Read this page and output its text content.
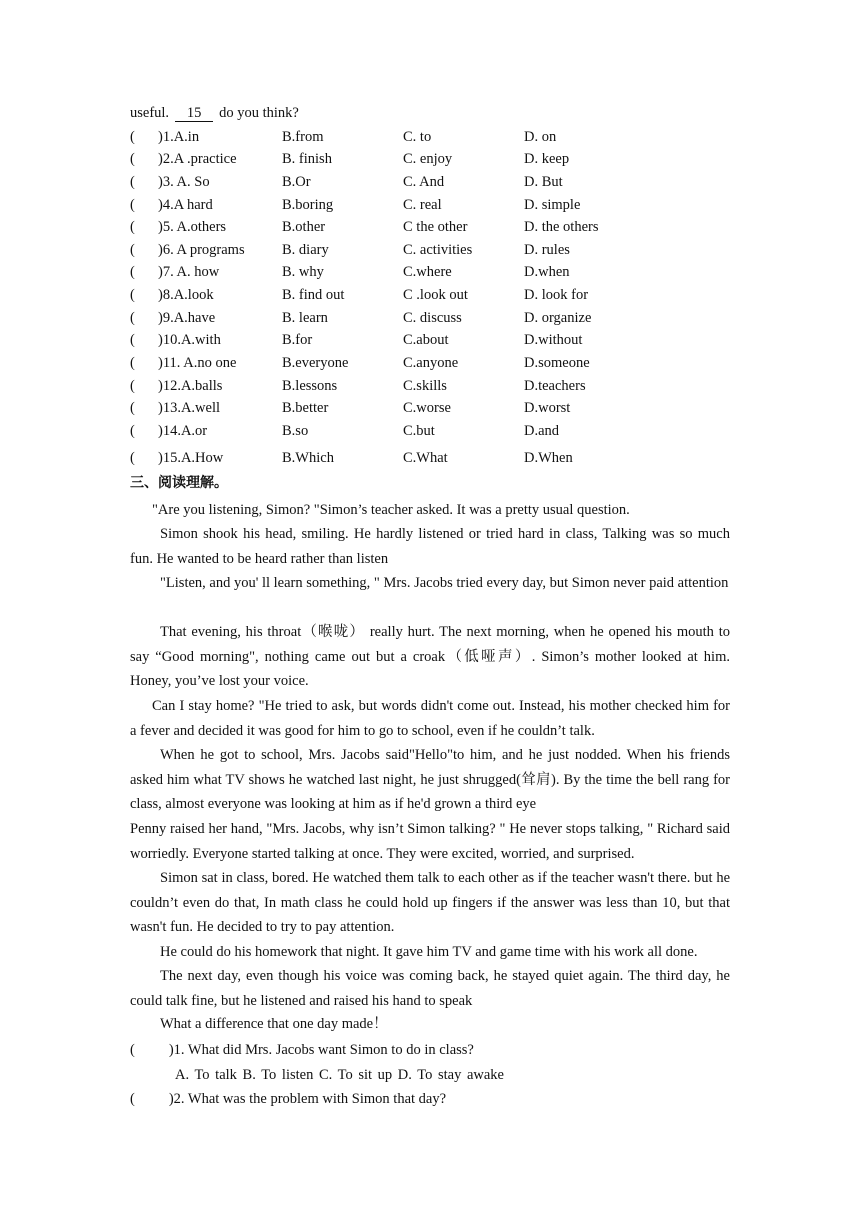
useful. 15 do you think?
( )1.A.in	B.from	C. to	D. on
( )2.A .practice	B. finish	C. enjoy	D. keep
( )3. A. So	B.Or	C. And	D. But
( )4.A hard	B.boring	C. real	D. simple
( )5. A.others	B.other	C the other	D. the others
( )6. A programs	B. diary	C. activities	D. rules
( )7. A. how	B. why	C.where	D.when
( )8.A.look	B. find out	C .look out	D. look for
( )9.A.have	B. learn	C. discuss	D. organize
( )10.A.with	B.for	C.about	D.without
( )11. A.no one	B.everyone	C.anyone	D.someone
( )12.A.balls	B.lessons	C.skills	D.teachers
( )13.A.well	B.better	C.worse	D.worst
( )14.A.or	B.so	C.but	D.and
( )15.A.How	B.Which	C.What	D.When
三、阅读理解。
"Are you listening, Simon? "Simon’s teacher asked. It was a pretty usual question.
Simon shook his head, smiling. He hardly listened or tried hard in class, Talking was so much fun. He wanted to be heard rather than listen
"Listen, and you' ll learn something, " Mrs. Jacobs tried every day, but Simon never paid attention
That evening, his throat（喉咙） really hurt. The next morning, when he opened his mouth to say “Good morning", nothing came out but a croak（低哑声）. Simon’s mother looked at him. Honey, you’ve lost your voice.
Can I stay home? "He tried to ask, but words didn't come out. Instead, his mother checked him for a fever and decided it was good for him to go to school, even if he couldn’t talk.
When he got to school, Mrs. Jacobs said"Hello"to him, and he just nodded. When his friends asked him what TV shows he watched last night, he just shrugged(耸肩). By the time the bell rang for class, almost everyone was looking at him as if he'd grown a third eye
Penny raised her hand, "Mrs. Jacobs, why isn’t Simon talking? " He never stops talking, " Richard said worriedly. Everyone started talking at once. They were excited, worried, and surprised.
Simon sat in class, bored. He watched them talk to each other as if the teacher wasn't there. but he couldn’t even do that, In math class he could hold up fingers if the answer was less than 10, but that wasn't fun. He decided to try to pay attention.
He could do his homework that night. It gave him TV and game time with his work all done.
The next day, even though his voice was coming back, he stayed quiet again. The third day, he could talk fine, but he listened and raised his hand to speak
What a difference that one day made！
( )1. What did Mrs. Jacobs want Simon to do in class?
A. To talk B. To listen C. To sit up D. To stay awake
( )2. What was the problem with Simon that day?
